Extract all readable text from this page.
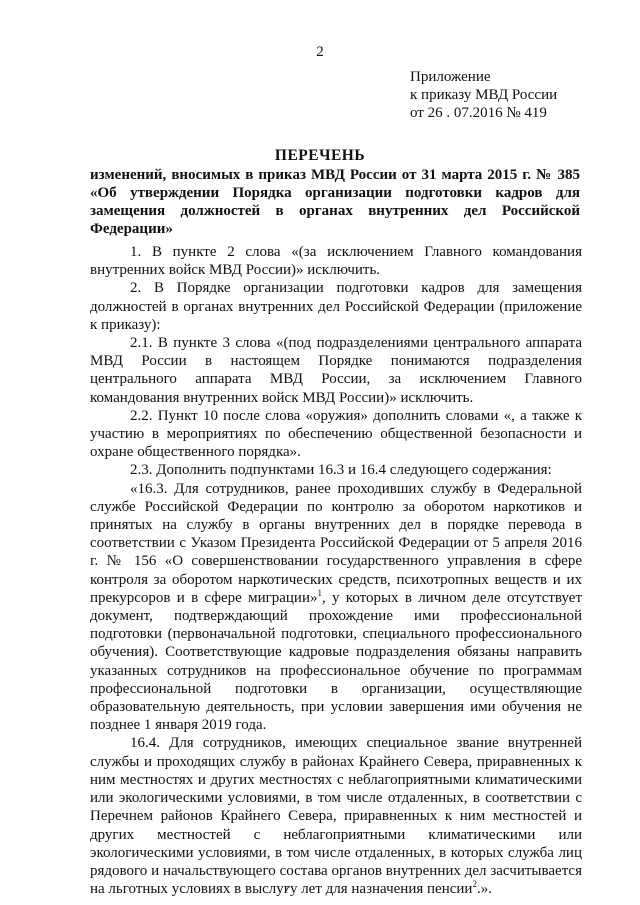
2
Приложение
к приказу МВД России
от 26 . 07.2016 № 419
ПЕРЕЧЕНЬ
изменений, вносимых в приказ МВД России от 31 марта 2015 г. № 385 «Об утверждении Порядка организации подготовки кадров для замещения должностей в органах внутренних дел Российской Федерации»

1. В пункте 2 слова «(за исключением Главного командования внутренних войск МВД России)» исключить.

2. В Порядке организации подготовки кадров для замещения должностей в органах внутренних дел Российской Федерации (приложение к приказу):

2.1. В пункте 3 слова «(под подразделениями центрального аппарата МВД России в настоящем Порядке понимаются подразделения центрального аппарата МВД России, за исключением Главного командования внутренних войск МВД России)» исключить.

2.2. Пункт 10 после слова «оружия» дополнить словами «, а также к участию в мероприятиях по обеспечению общественной безопасности и охране общественного порядка».

2.3. Дополнить подпунктами 16.3 и 16.4 следующего содержания:

«16.3. Для сотрудников, ранее проходивших службу в Федеральной службе Российской Федерации по контролю за оборотом наркотиков и принятых на службу в органы внутренних дел в порядке перевода в соответствии с Указом Президента Российской Федерации от 5 апреля 2016 г. № 156 «О совершенствовании государственного управления в сфере контроля за оборотом наркотических средств, психотропных веществ и их прекурсоров и в сфере миграции»$^1$, у которых в личном деле отсутствует документ, подтверждающий прохождение ими профессиональной подготовки (первоначальной подготовки, специального профессионального обучения). Соответствующие кадровые подразделения обязаны направить указанных сотрудников на профессиональное обучение по программам профессиональной подготовки в организации, осуществляющие образовательную деятельность, при условии завершения ими обучения не позднее 1 января 2019 года.

16.4. Для сотрудников, имеющих специальное звание внутренней службы и проходящих службу в районах Крайнего Севера, приравненных к ним местностях и других местностях с неблагоприятными климатическими или экологическими условиями, в том числе отдаленных, в соответствии с Перечнем районов Крайнего Севера, приравненных к ним местностей и других местностей с неблагоприятными климатическими или экологическими условиями, в том числе отдаленных, в которых служба лиц рядового и начальствующего состава органов внутренних дел засчитывается на льготных условиях в выслугу лет для назначения пенсии$^2$.».
